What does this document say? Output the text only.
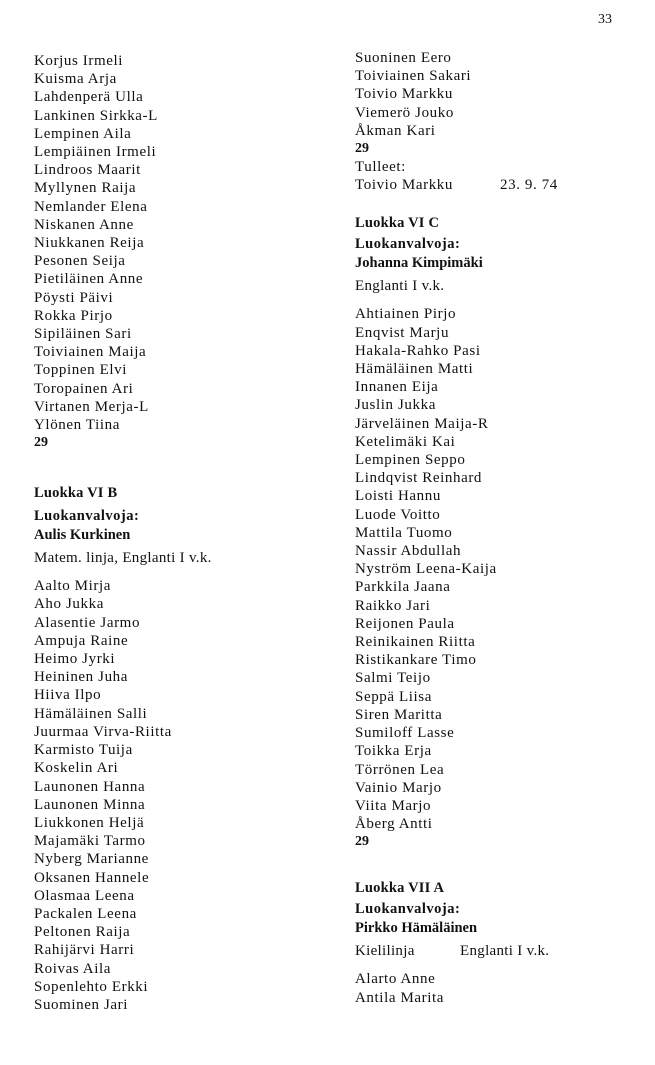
33
Korjus Irmeli
Kuisma Arja
Lahdenperä Ulla
Lankinen Sirkka-L
Lempinen Aila
Lempiäinen Irmeli
Lindroos Maarit
Myllynen Raija
Nemlander Elena
Niskanen Anne
Niukkanen Reija
Pesonen Seija
Pietiläinen Anne
Pöysti Päivi
Rokka Pirjo
Sipiläinen Sari
Toiviainen Maija
Toppinen Elvi
Toropainen Ari
Virtanen Merja-L
Ylönen Tiina
29
Luokka VI B
Luokanvalvoja:
Aulis Kurkinen
Matem. linja, Englanti I v.k.
Aalto Mirja
Aho Jukka
Alasentie Jarmo
Ampuja Raine
Heimo Jyrki
Heininen Juha
Hiiva Ilpo
Hämäläinen Salli
Juurmaa Virva-Riitta
Karmisto Tuija
Koskelin Ari
Launonen Hanna
Launonen Minna
Liukkonen Heljä
Majamäki Tarmo
Nyberg Marianne
Oksanen Hannele
Olasmaa Leena
Packalen Leena
Peltonen Raija
Rahijärvi Harri
Roivas Aila
Sopenlehto Erkki
Suominen Jari
Suoninen Eero
Toiviainen Sakari
Toivio Markku
Viemerö Jouko
Åkman Kari
29
Tulleet:
Toivio Markku	23. 9. 74
Luokka VI C
Luokanvalvoja:
Johanna Kimpimäki
Englanti I v.k.
Ahtiainen Pirjo
Enqvist Marju
Hakala-Rahko Pasi
Hämäläinen Matti
Innanen Eija
Juslin Jukka
Järveläinen Maija-R
Ketelimäki Kai
Lempinen Seppo
Lindqvist Reinhard
Loisti Hannu
Luode Voitto
Mattila Tuomo
Nassir Abdullah
Nyström Leena-Kaija
Parkkila Jaana
Raikko Jari
Reijonen Paula
Reinikainen Riitta
Ristikankare Timo
Salmi Teijo
Seppä Liisa
Siren Maritta
Sumiloff Lasse
Toikka Erja
Törrönen Lea
Vainio Marjo
Viita Marjo
Åberg Antti
29
Luokka VII A
Luokanvalvoja:
Pirkko Hämäläinen
Kielilinja	Englanti I v.k.
Alarto Anne
Antila Marita
